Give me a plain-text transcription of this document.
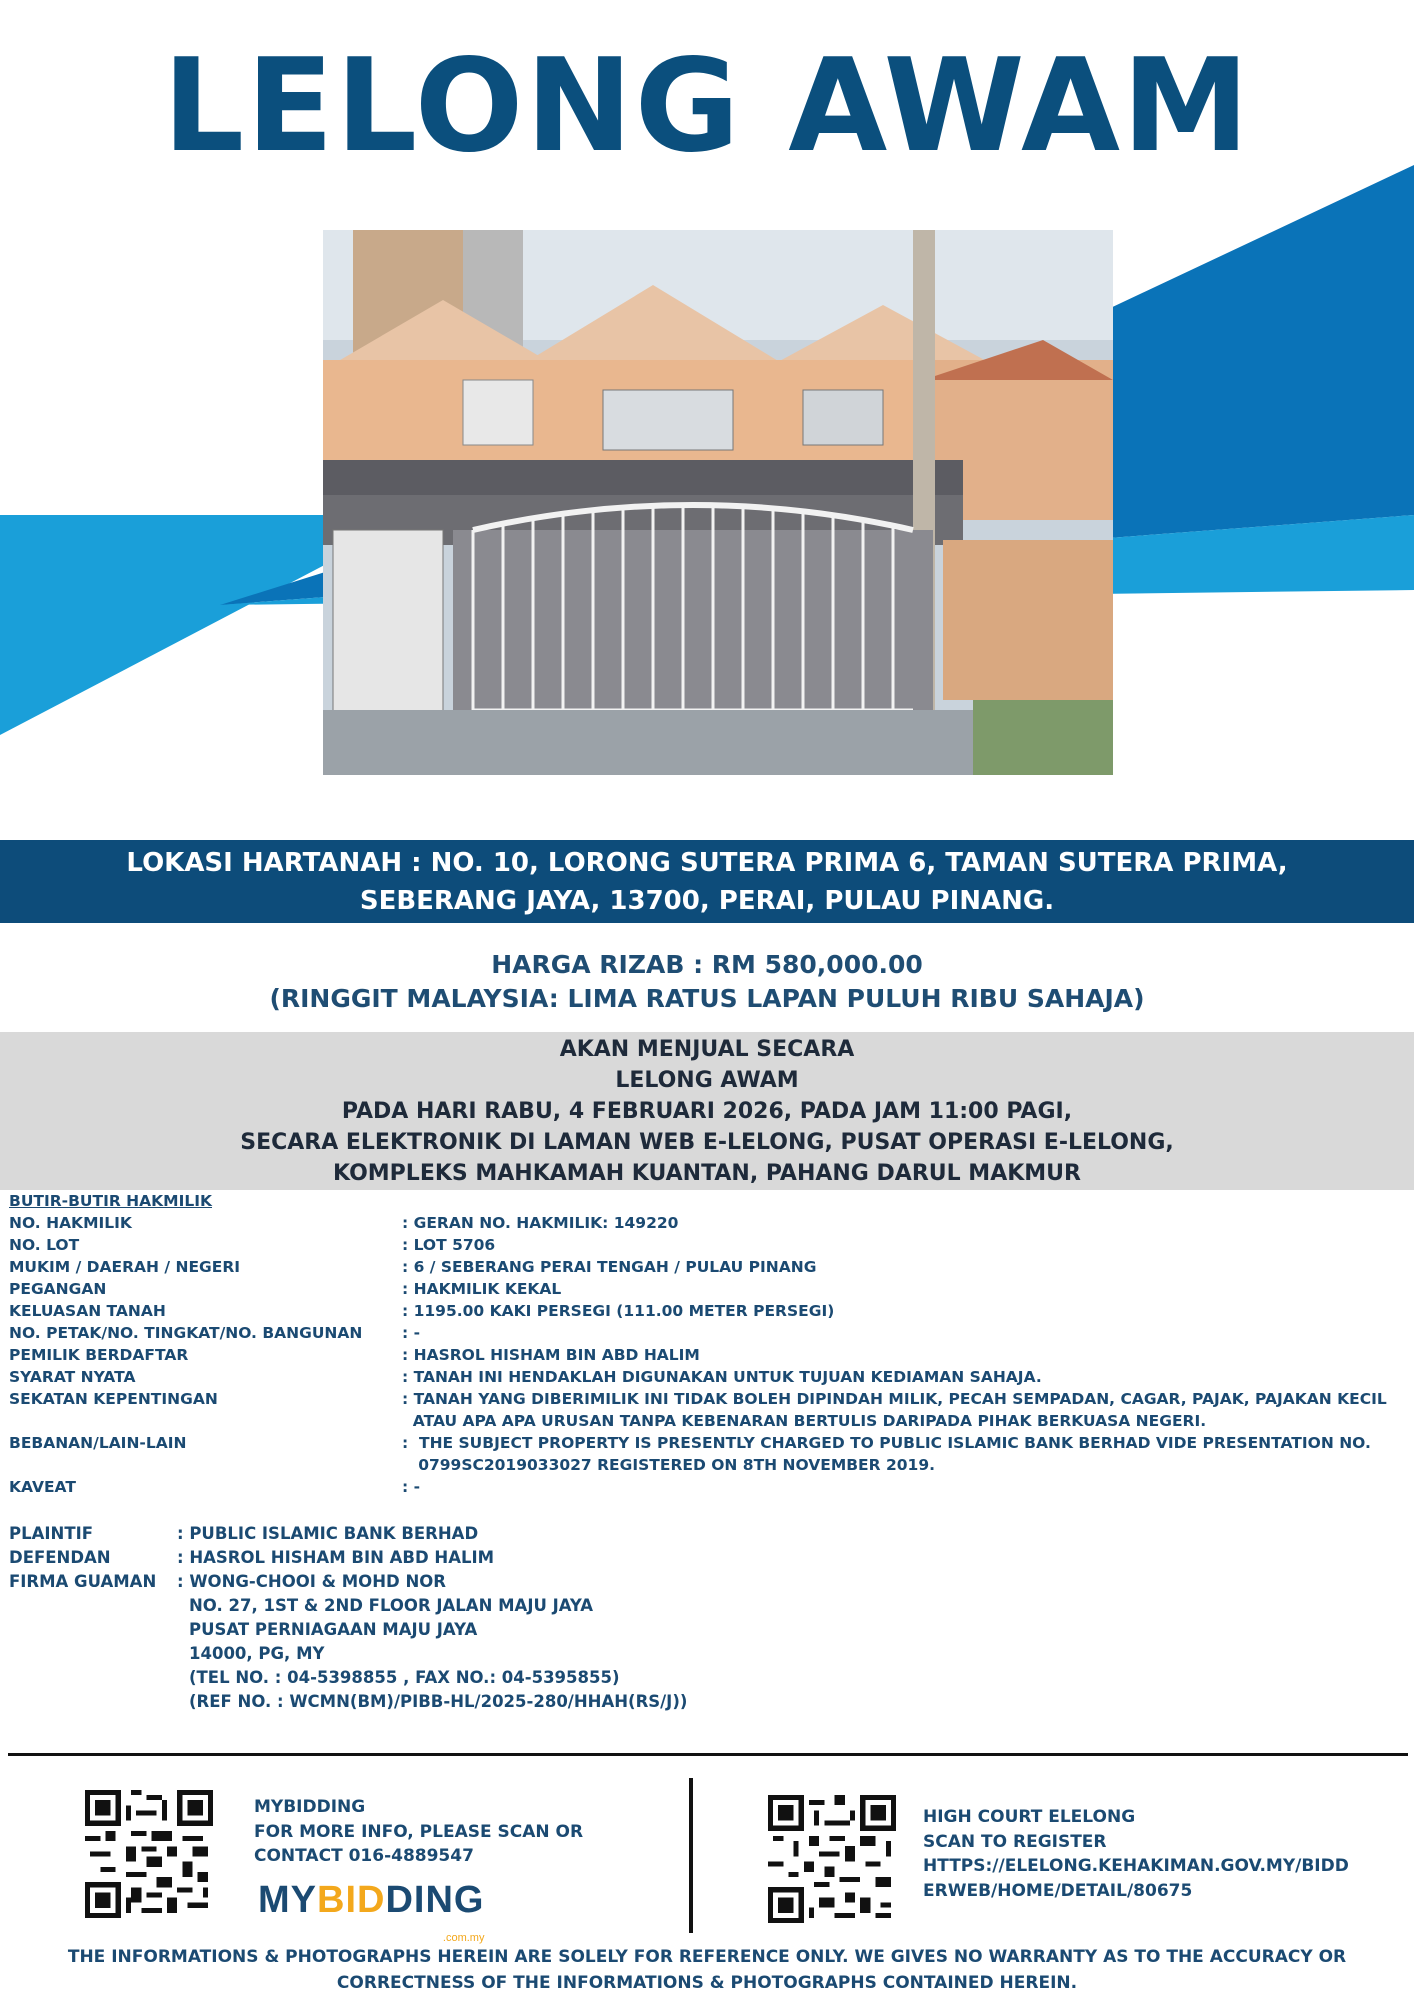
LELONG AWAM
LOKASI HARTANAH : NO. 10, LORONG SUTERA PRIMA 6, TAMAN SUTERA PRIMA,
SEBERANG JAYA, 13700, PERAI, PULAU PINANG.
HARGA RIZAB : RM 580,000.00
(RINGGIT MALAYSIA: LIMA RATUS LAPAN PULUH RIBU SAHAJA)
AKAN MENJUAL SECARA
LELONG AWAM
PADA HARI RABU, 4 FEBRUARI 2026, PADA JAM 11:00 PAGI,
SECARA ELEKTRONIK DI LAMAN WEB E-LELONG, PUSAT OPERASI E-LELONG,
KOMPLEKS MAHKAMAH KUANTAN, PAHANG DARUL MAKMUR
BUTIR-BUTIR HAKMILIK
NO. HAKMILIK	: GERAN NO. HAKMILIK: 149220
NO. LOT	: LOT 5706
MUKIM / DAERAH / NEGERI	: 6 / SEBERANG PERAI TENGAH / PULAU PINANG
PEGANGAN	: HAKMILIK KEKAL
KELUASAN TANAH	: 1195.00 KAKI PERSEGI (111.00 METER PERSEGI)
NO. PETAK/NO. TINGKAT/NO. BANGUNAN	: -
PEMILIK BERDAFTAR	: HASROL HISHAM BIN ABD HALIM
SYARAT NYATA	: TANAH INI HENDAKLAH DIGUNAKAN UNTUK TUJUAN KEDIAMAN SAHAJA.
SEKATAN KEPENTINGAN	: TANAH YANG DIBERIMILIK INI TIDAK BOLEH DIPINDAH MILIK, PECAH SEMPADAN, CAGAR, PAJAK, PAJAKAN KECIL
ATAU APA APA URUSAN TANPA KEBENARAN BERTULIS DARIPADA PIHAK BERKUASA NEGERI.
BEBANAN/LAIN-LAIN	:  THE SUBJECT PROPERTY IS PRESENTLY CHARGED TO PUBLIC ISLAMIC BANK BERHAD VIDE PRESENTATION NO.
0799SC2019033027 REGISTERED ON 8TH NOVEMBER 2019.
KAVEAT	: -
PLAINTIF	: PUBLIC ISLAMIC BANK BERHAD
DEFENDAN	: HASROL HISHAM BIN ABD HALIM
FIRMA GUAMAN	: WONG-CHOOI & MOHD NOR
NO. 27, 1ST & 2ND FLOOR JALAN MAJU JAYA
PUSAT PERNIAGAAN MAJU JAYA
14000, PG, MY
(TEL NO. : 04-5398855 , FAX NO.: 04-5395855)
(REF NO. : WCMN(BM)/PIBB-HL/2025-280/HHAH(RS/J))
MYBIDDING
FOR MORE INFO, PLEASE SCAN OR
CONTACT 016-4889547
MYBIDDING
.com.my
HIGH COURT ELELONG
SCAN TO REGISTER
HTTPS://ELELONG.KEHAKIMAN.GOV.MY/BIDD
ERWEB/HOME/DETAIL/80675
THE INFORMATIONS & PHOTOGRAPHS HEREIN ARE SOLELY FOR REFERENCE ONLY. WE GIVES NO WARRANTY AS TO THE ACCURACY OR
CORRECTNESS OF THE INFORMATIONS & PHOTOGRAPHS CONTAINED HEREIN.
